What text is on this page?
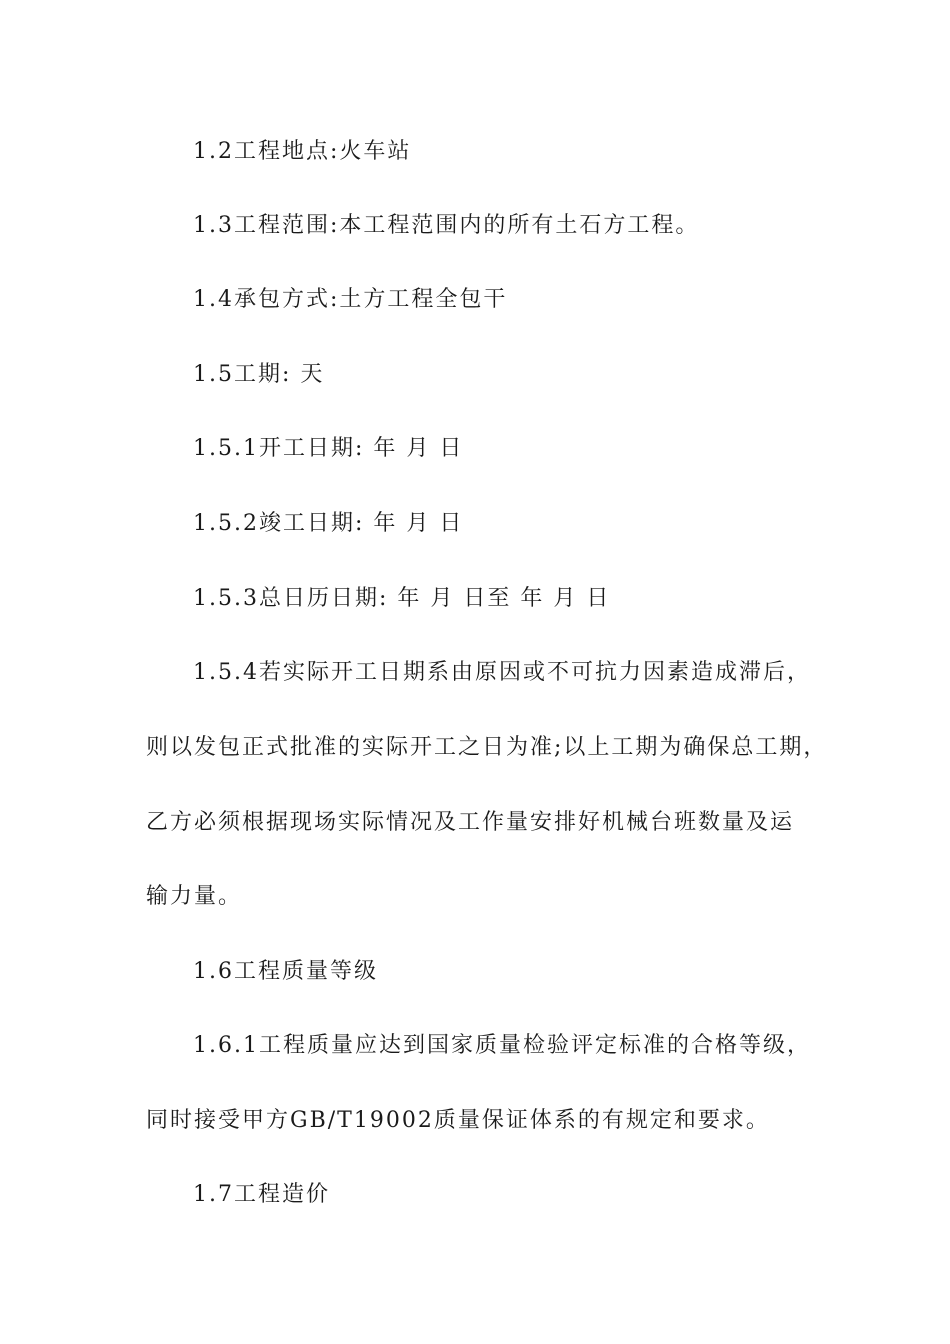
1.2工程地点:火车站
1.3工程范围:本工程范围内的所有土石方工程。
1.4承包方式:土方工程全包干
1.5工期: 天
1.5.1开工日期: 年 月 日
1.5.2竣工日期: 年 月 日
1.5.3总日历日期: 年 月 日至 年 月 日
1.5.4若实际开工日期系由原因或不可抗力因素造成滞后，
则以发包正式批准的实际开工之日为准;以上工期为确保总工期，
乙方必须根据现场实际情况及工作量安排好机械台班数量及运
输力量。
1.6工程质量等级
1.6.1工程质量应达到国家质量检验评定标准的合格等级，
同时接受甲方GB/T19002质量保证体系的有规定和要求。
1.7工程造价
